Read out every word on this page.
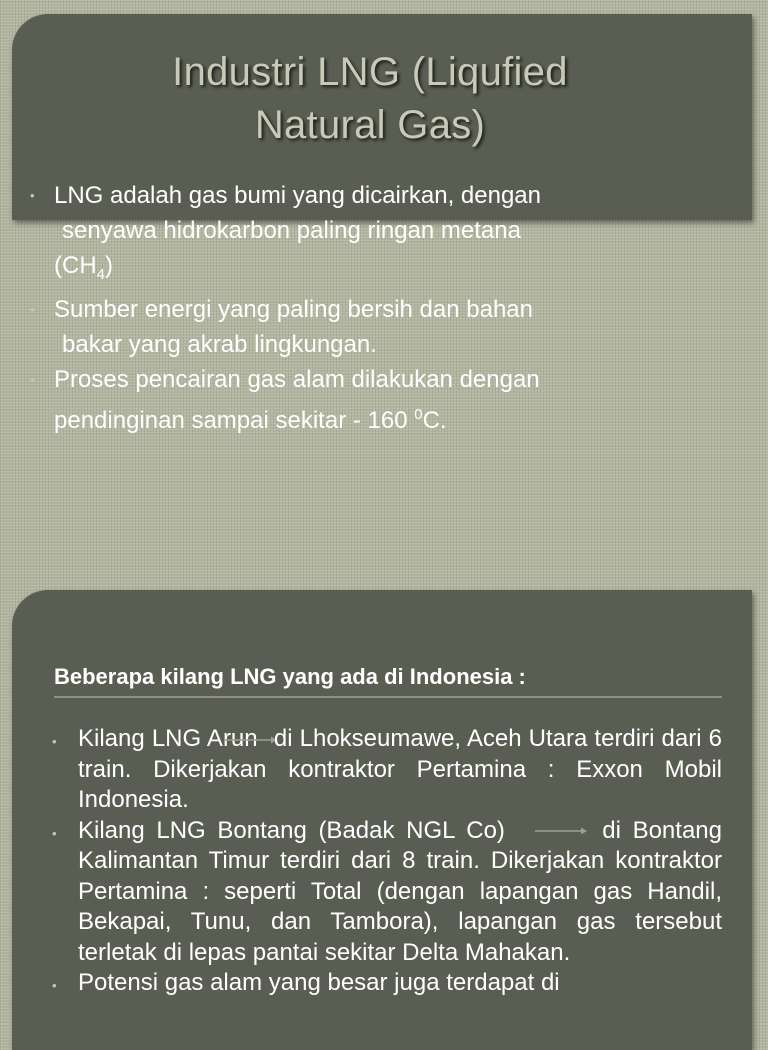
Industri LNG (Liqufied
Natural Gas)
• LNG adalah gas bumi yang dicairkan, dengan
senyawa hidrokarbon paling ringan metana
$(CH_4)$
• Sumber energi yang paling bersih dan bahan
bakar yang akrab lingkungan.
• Proses pencairan gas alam dilakukan dengan
pendinginan sampai sekitar - 160 $^0$C.
Beberapa kilang LNG yang ada di Indonesia :
• Kilang LNG Arun di Lhokseumawe, Aceh Utara terdiri dari 6 train. Dikerjakan kontraktor Pertamina : Exxon Mobil Indonesia.
• Kilang LNG Bontang (Badak NGL Co)	di Bontang Kalimantan Timur terdiri dari 8 train. Dikerjakan kontraktor Pertamina : seperti Total (dengan lapangan gas Handil, Bekapai, Tunu, dan Tambora), lapangan gas tersebut terletak di lepas pantai sekitar Delta Mahakan.
• Potensi gas alam yang besar juga terdapat di
